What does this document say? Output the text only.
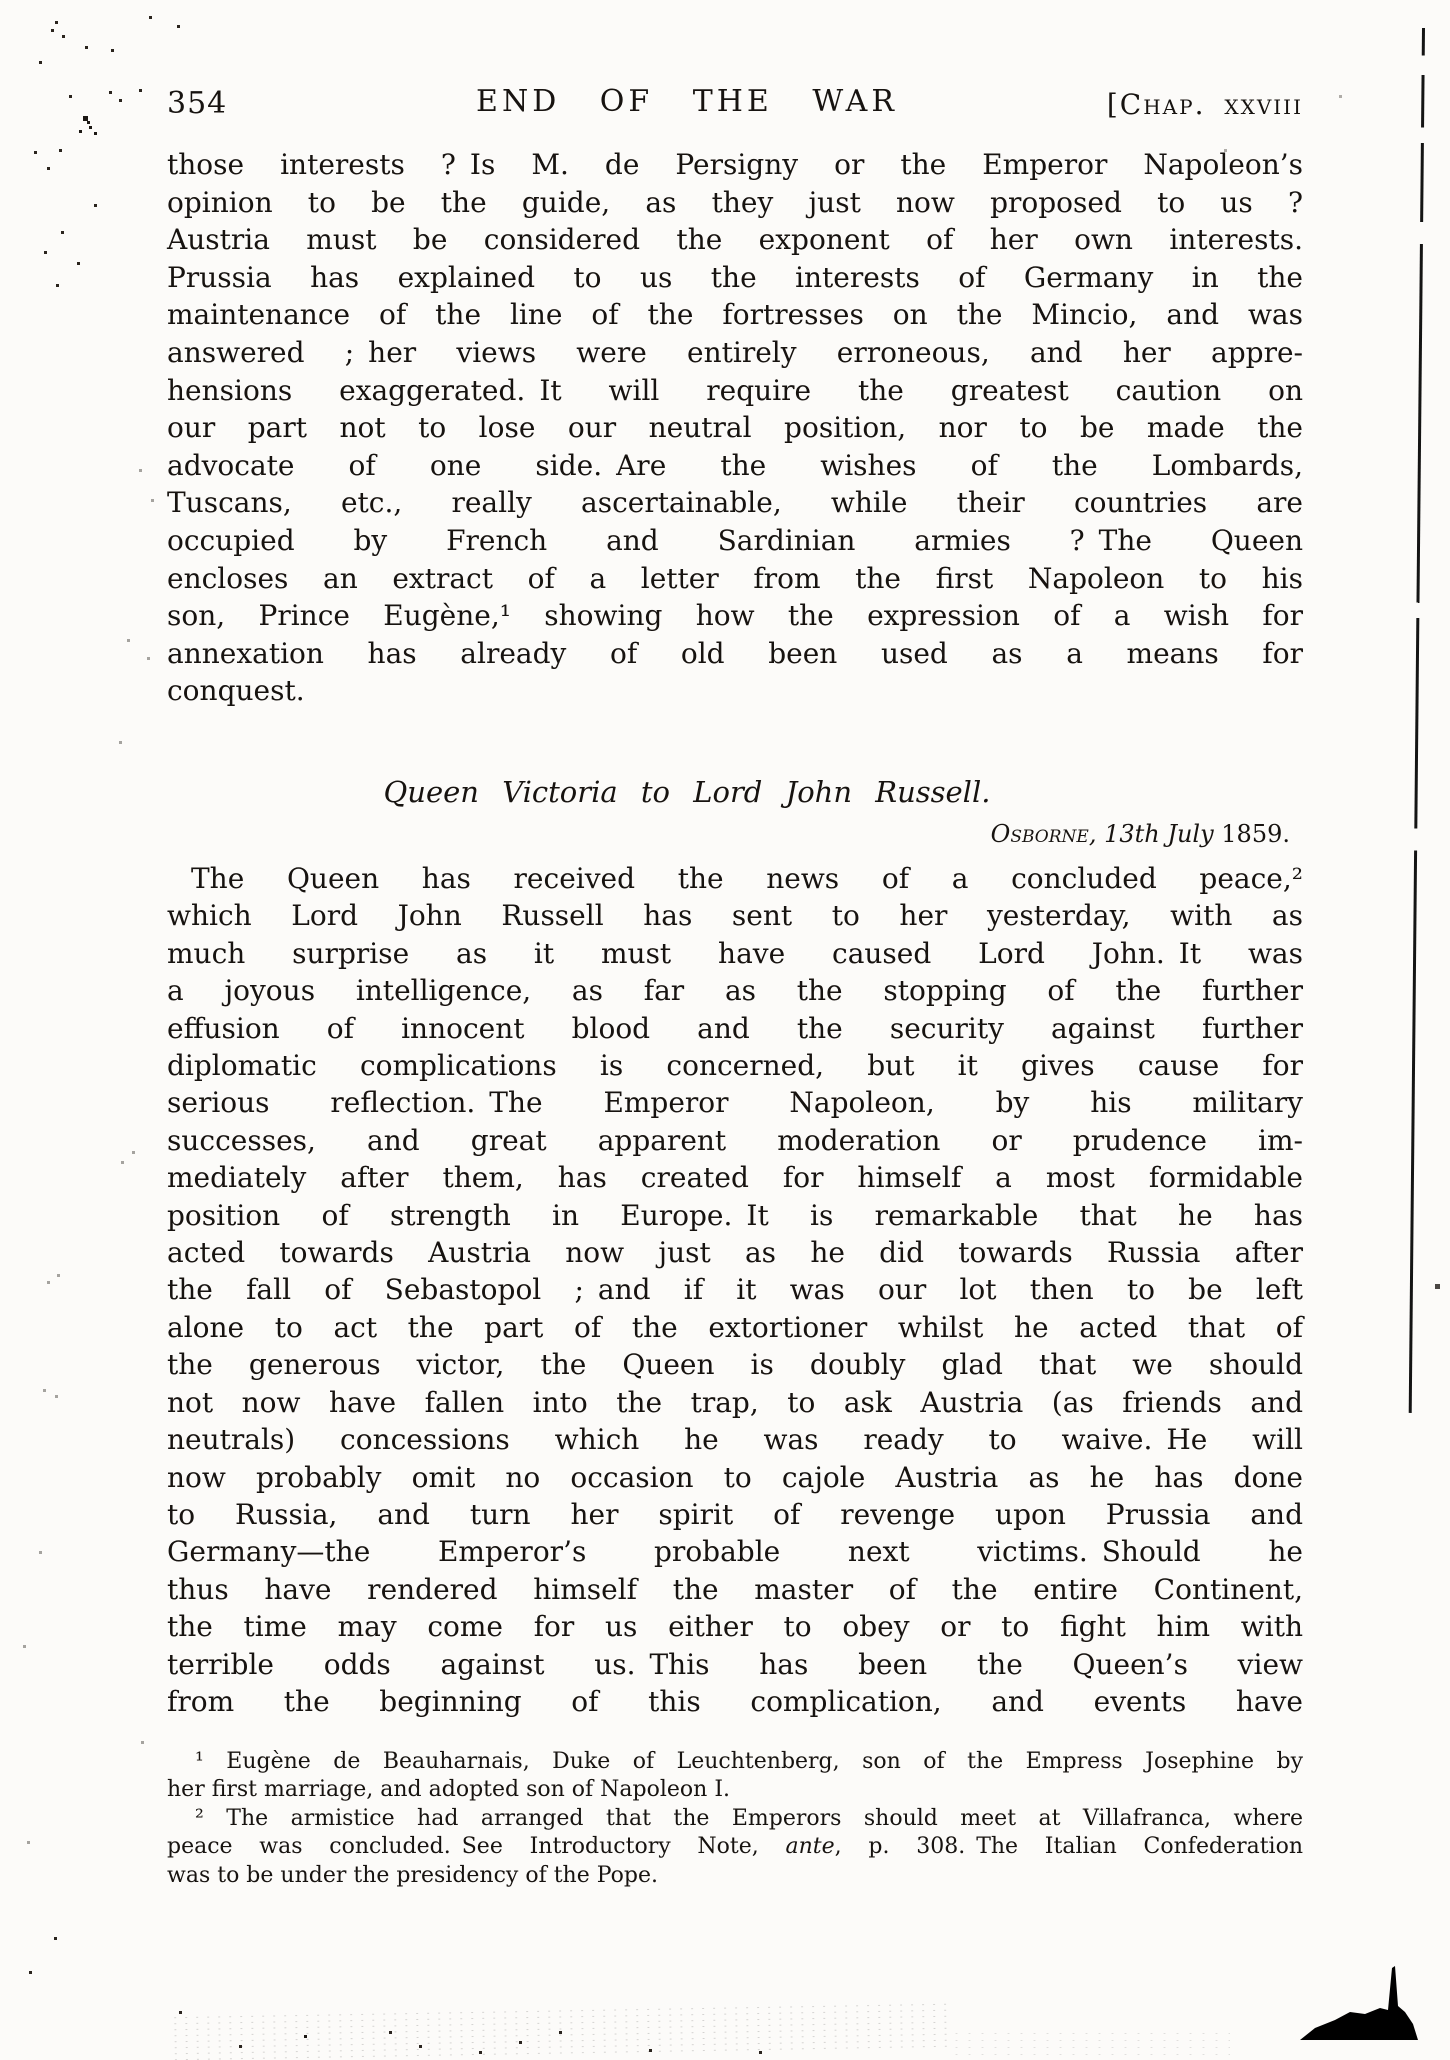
354	END OF THE WAR	[Chap. xxviii
those interests ? Is M. de Persigny or the Emperor Napoleon’s
opinion to be the guide, as they just now proposed to us ?
Austria must be considered the exponent of her own interests.
Prussia has explained to us the interests of Germany in the
maintenance of the line of the fortresses on the Mincio, and was
answered ; her views were entirely erroneous, and her appre-
hensions exaggerated. It will require the greatest caution on
our part not to lose our neutral position, nor to be made the
advocate of one side. Are the wishes of the Lombards,
Tuscans, etc., really ascertainable, while their countries are
occupied by French and Sardinian armies ? The Queen
encloses an extract of a letter from the first Napoleon to his
son, Prince Eugène,¹ showing how the expression of a wish for
annexation has already of old been used as a means for
conquest.
Queen Victoria to Lord John Russell.
Osborne, 13th July 1859.
The Queen has received the news of a concluded peace,²
which Lord John Russell has sent to her yesterday, with as
much surprise as it must have caused Lord John. It was
a joyous intelligence, as far as the stopping of the further
effusion of innocent blood and the security against further
diplomatic complications is concerned, but it gives cause for
serious reflection. The Emperor Napoleon, by his military
successes, and great apparent moderation or prudence im-
mediately after them, has created for himself a most formidable
position of strength in Europe. It is remarkable that he has
acted towards Austria now just as he did towards Russia after
the fall of Sebastopol ; and if it was our lot then to be left
alone to act the part of the extortioner whilst he acted that of
the generous victor, the Queen is doubly glad that we should
not now have fallen into the trap, to ask Austria (as friends and
neutrals) concessions which he was ready to waive. He will
now probably omit no occasion to cajole Austria as he has done
to Russia, and turn her spirit of revenge upon Prussia and
Germany—the Emperor’s probable next victims. Should he
thus have rendered himself the master of the entire Continent,
the time may come for us either to obey or to fight him with
terrible odds against us. This has been the Queen’s view
from the beginning of this complication, and events have
¹ Eugène de Beauharnais, Duke of Leuchtenberg, son of the Empress Josephine by
her first marriage, and adopted son of Napoleon I.
² The armistice had arranged that the Emperors should meet at Villafranca, where
peace was concluded. See Introductory Note, ante, p. 308. The Italian Confederation
was to be under the presidency of the Pope.
